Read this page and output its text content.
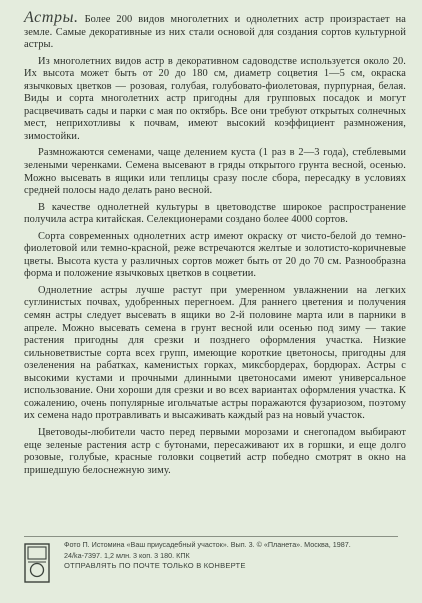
Астры. Более 200 видов многолетних и однолетних астр произрастает на земле. Самые декоративные из них стали основой для создания сортов культурной астры.

Из многолетних видов астр в декоративном садоводстве используется около 20. Их высота может быть от 20 до 180 см, диаметр соцветия 1—5 см, окраска язычковых цветков — розовая, голубая, голубовато-фиолетовая, пурпурная, белая. Виды и сорта многолетних астр пригодны для групповых посадок и могут расцвечивать сады и парки с мая по октябрь. Все они требуют открытых солнечных мест, неприхотливы к почвам, имеют высокий коэффициент размножения, зимостойки.

Размножаются семенами, чаще делением куста (1 раз в 2—3 года), стеблевыми зелеными черенками. Семена высевают в гряды открытого грунта весной, осенью. Можно высевать в ящики или теплицы сразу после сбора, пересадку в условиях средней полосы надо делать рано весной.

В качестве однолетней культуры в цветоводстве широкое распространение получила астра китайская. Селекционерами создано более 4000 сортов.

Сорта современных однолетних астр имеют окраску от чисто-белой до темно-фиолетовой или темно-красной, реже встречаются желтые и золотисто-коричневые цветы. Высота куста у различных сортов может быть от 20 до 70 см. Разнообразна форма и положение язычковых цветков в соцветии.

Однолетние астры лучше растут при умеренном увлажнении на легких суглинистых почвах, удобренных перегноем. Для раннего цветения и получения семян астры следует высевать в ящики во 2-й половине марта или в парники в апреле. Можно высевать семена в грунт весной или осенью под зиму — такие растения пригодны для срезки и позднего оформления участка. Низкие сильноветвистые сорта всех групп, имеющие короткие цветоносы, пригодны для озеленения на рабатках, каменистых горках, миксбордерах, бордюрах. Астры с высокими кустами и прочными длинными цветоносами имеют универсальное использование. Они хороши для срезки и во всех вариантах оформления участка. К сожалению, очень популярные игольчатые астры поражаются фузариозом, поэтому их семена надо протравливать и высаживать каждый раз на новый участок.

Цветоводы-любители часто перед первыми морозами и снегопадом выбирают еще зеленые растения астр с бутонами, пересаживают их в горшки, и еще долго розовые, голубые, красные головки соцветий астр победно смотрят в окно на пришедшую белоснежную зиму.

Фото П. Истомина «Ваш приусадебный участок». Вып. 3. © «Планета». Москва, 1987.
24/ka-7397. 1,2 млн. 3 коп. 3 180. КПК
ОТПРАВЛЯТЬ ПО ПОЧТЕ ТОЛЬКО В КОНВЕРТЕ
